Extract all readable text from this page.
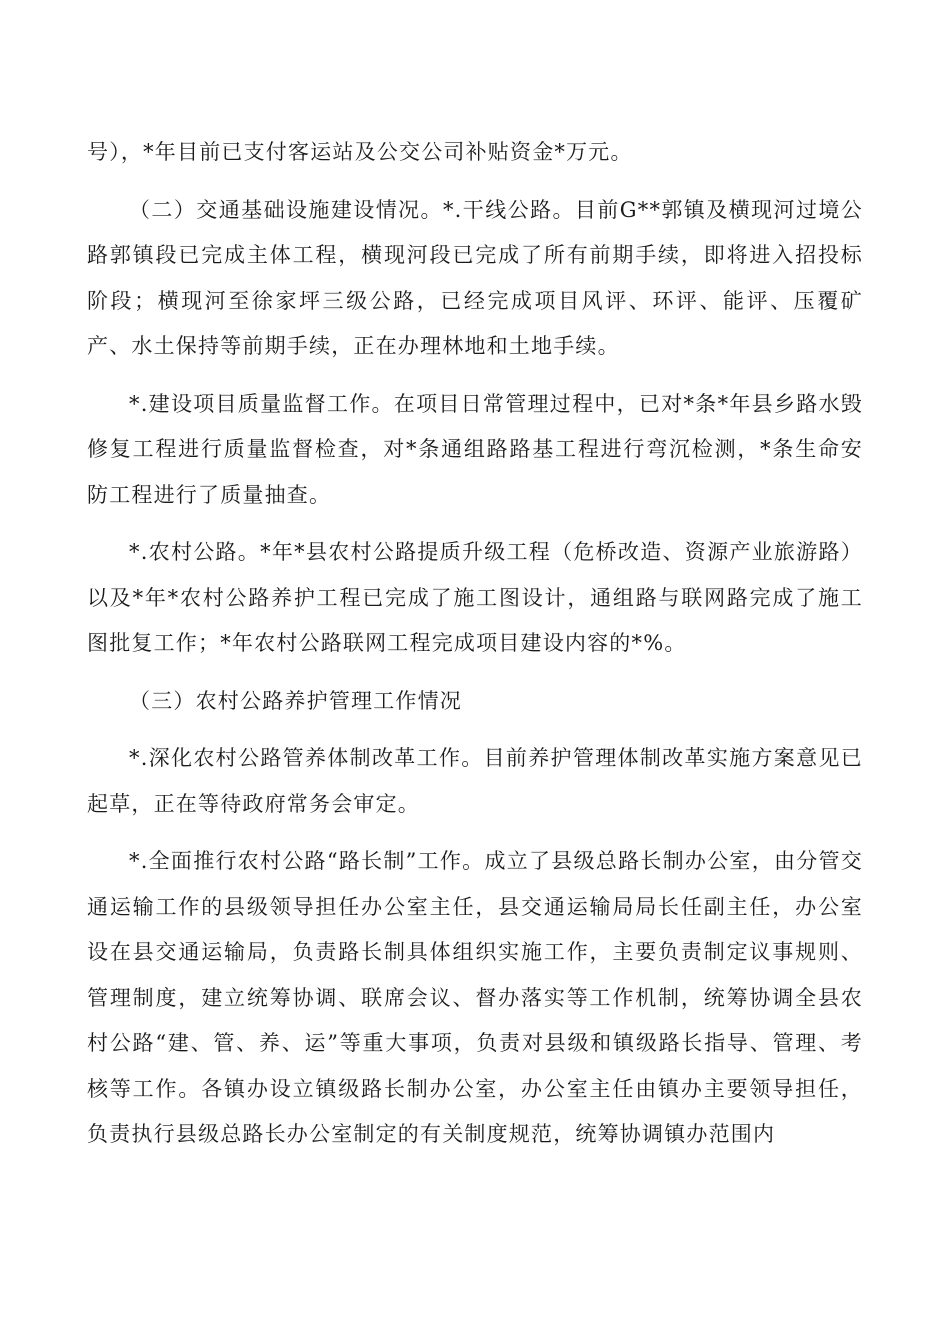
号），*年目前已支付客运站及公交公司补贴资金*万元。

（二）交通基础设施建设情况。*.干线公路。目前G**郭镇及横现河过境公路郭镇段已完成主体工程，横现河段已完成了所有前期手续，即将进入招投标阶段；横现河至徐家坪三级公路，已经完成项目风评、环评、能评、压覆矿产、水土保持等前期手续，正在办理林地和土地手续。

*.建设项目质量监督工作。在项目日常管理过程中，已对*条*年县乡路水毁修复工程进行质量监督检查，对*条通组路路基工程进行弯沉检测，*条生命安防工程进行了质量抽查。

*.农村公路。*年*县农村公路提质升级工程（危桥改造、资源产业旅游路）以及*年*农村公路养护工程已完成了施工图设计，通组路与联网路完成了施工图批复工作；*年农村公路联网工程完成项目建设内容的*%。

（三）农村公路养护管理工作情况

*.深化农村公路管养体制改革工作。目前养护管理体制改革实施方案意见已起草，正在等待政府常务会审定。

*.全面推行农村公路“路长制”工作。成立了县级总路长制办公室，由分管交通运输工作的县级领导担任办公室主任，县交通运输局局长任副主任，办公室设在县交通运输局，负责路长制具体组织实施工作，主要负责制定议事规则、管理制度，建立统筹协调、联席会议、督办落实等工作机制，统筹协调全县农村公路“建、管、养、运”等重大事项，负责对县级和镇级路长指导、管理、考核等工作。各镇办设立镇级路长制办公室，办公室主任由镇办主要领导担任，负责执行县级总路长办公室制定的有关制度规范，统筹协调镇办范围内
